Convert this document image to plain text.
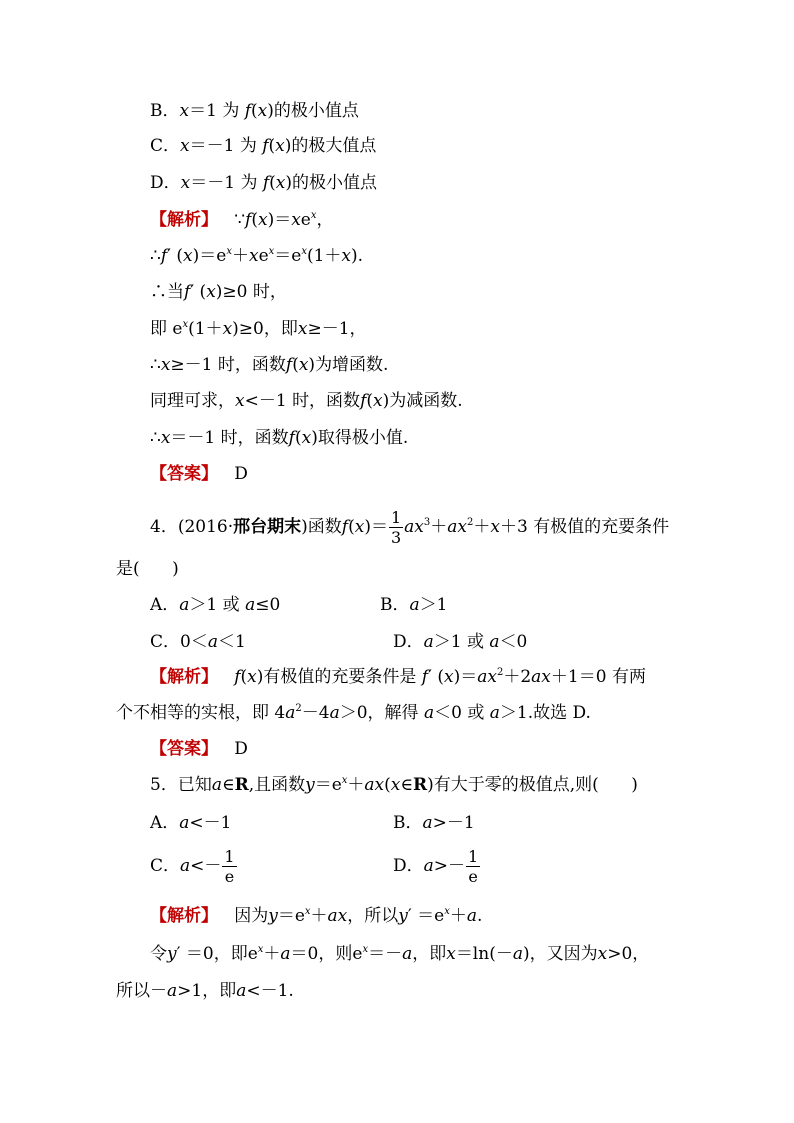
B．x＝1 为 f(x)的极小值点
C．x＝－1 为 f(x)的极大值点
D．x＝－1 为 f(x)的极小值点
【解析】   $\because f(x)=xe^x$，
∴f′ $(x)=e^x+xe^x=e^x(1+x)$.
∴当f′ (x)≥0 时，
即 $e^x(1+x)\ge 0$，即x≥－1，
∴x≥－1 时，函数f(x)为增函数.
同理可求，x<－1 时，函数f(x)为减函数.
∴x＝－1 时，函数f(x)取得极小值.
【答案】 D
4．(2016·邢台期末)函数$f(x)= \frac{1}{3} ax^3+ax^2+x+3$ 有极值的充要条件
是( )
A．a＞1 或 a≤0	B．a＞1
C．0＜a＜1	D．a＞1 或 a＜0
【解析】 f(x)有极值的充要条件是 f′ $(x)=ax^2+2ax+1=0$ 有两
个不相等的实根，即 $4a^2-4a>0$，解得 a＜0 或 a＞1.故选 D.
【答案】 D
5．已知a∈R,且函数$y=e^x+ax(x\in R)$有大于零的极值点,则( )
A．a<－1	B．a>－1
C．$a<- \frac{1}{e}$	D．$a>- \frac{1}{e}$
【解析】 因为$y=e^x+ax$，所以$y' =e^x+a$.
令y′ ＝0，即$e^x+a=0$，则$e^x=-a$，即x＝ln(－a)，又因为x>0，
所以－a>1，即a<－1.
